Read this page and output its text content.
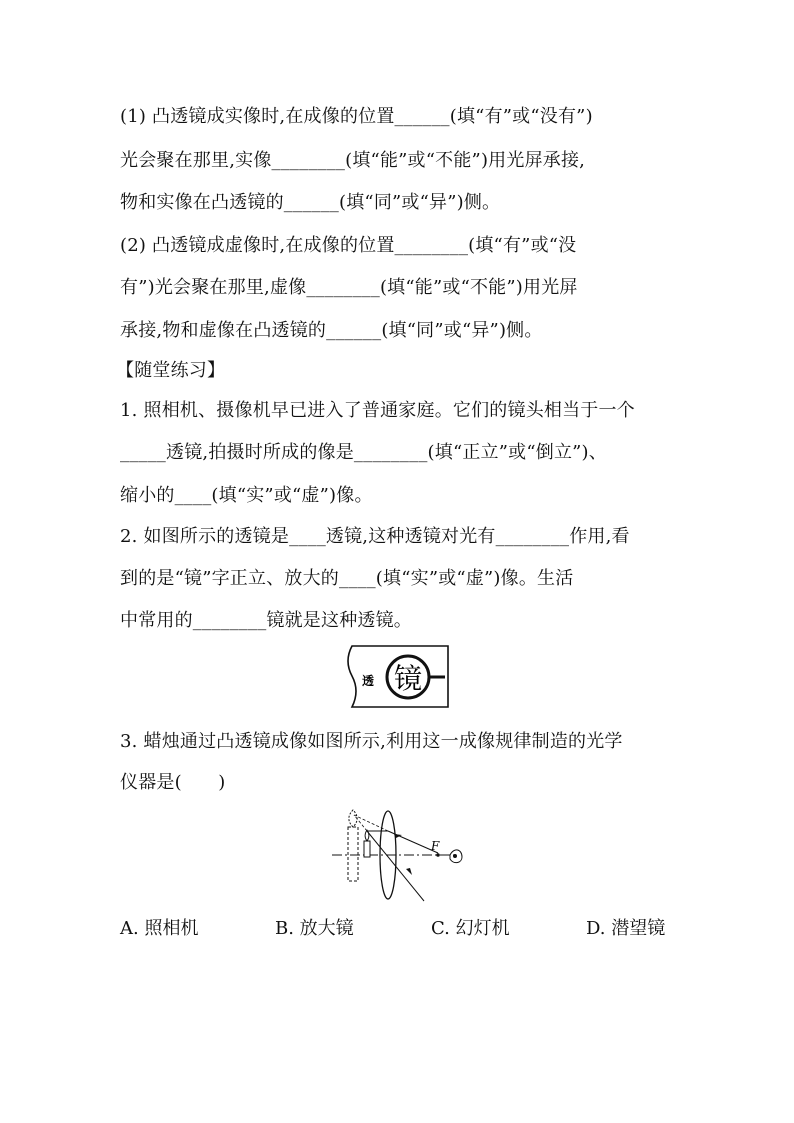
(1) 凸透镜成实像时,在成像的位置______(填“有”或“没有”)
光会聚在那里,实像________(填“能”或“不能”)用光屏承接,
物和实像在凸透镜的______(填“同”或“异”)侧。
(2) 凸透镜成虚像时,在成像的位置________(填“有”或“没
有”)光会聚在那里,虚像________(填“能”或“不能”)用光屏
承接,物和虚像在凸透镜的______(填“同”或“异”)侧。
【随堂练习】
1. 照相机、摄像机早已进入了普通家庭。它们的镜头相当于一个
_____透镜,拍摄时所成的像是________(填“正立”或“倒立”)、
缩小的____(填“实”或“虚”)像。
2. 如图所示的透镜是____透镜,这种透镜对光有________作用,看
到的是“镜”字正立、放大的____(填“实”或“虚”)像。生活
中常用的________镜就是这种透镜。
透 镜
3. 蜡烛通过凸透镜成像如图所示,利用这一成像规律制造的光学
仪器是(　　)
F
A. 照相机	B. 放大镜	C. 幻灯机	D. 潜望镜
